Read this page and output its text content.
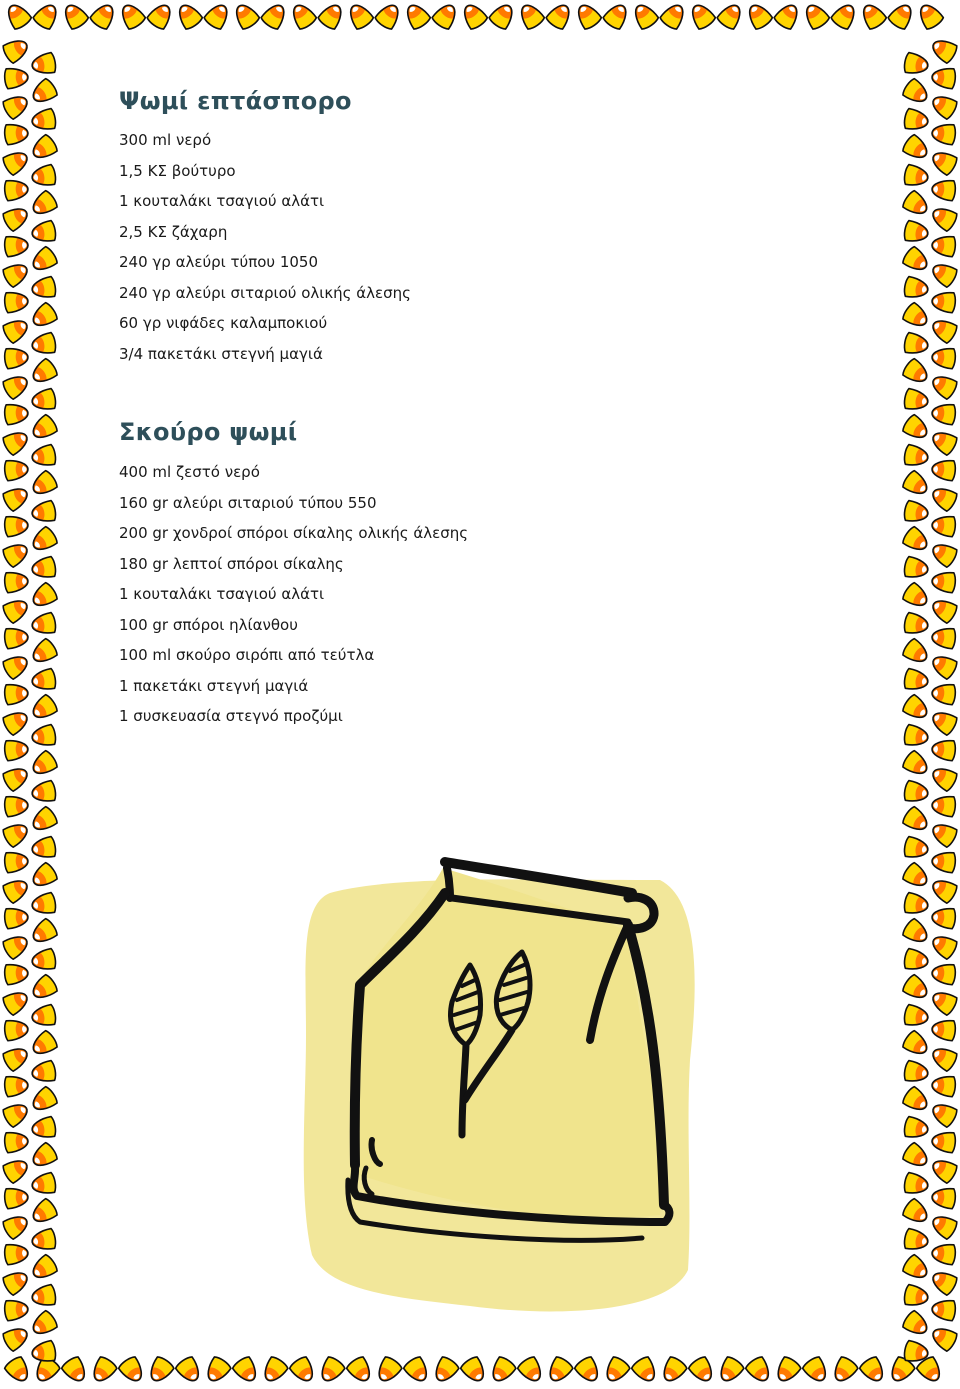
Ψωμί επτάσπορο
300 ml νερό
1,5 ΚΣ βούτυρο
1 κουταλάκι τσαγιού αλάτι
2,5 ΚΣ ζάχαρη
240 γρ αλεύρι τύπου 1050
240 γρ αλεύρι σιταριού ολικής άλεσης
60 γρ νιφάδες καλαμποκιού
3/4 πακετάκι στεγνή μαγιά
Σκούρο ψωμί
400 ml ζεστό νερό
160 gr αλεύρι σιταριού τύπου 550
200 gr χονδροί σπόροι σίκαλης ολικής άλεσης
180 gr λεπτοί σπόροι σίκαλης
1 κουταλάκι τσαγιού αλάτι
100 gr σπόροι ηλίανθου
100 ml σκούρο σιρόπι από τεύτλα
1 πακετάκι στεγνή μαγιά
1 συσκευασία στεγνό προζύμι
